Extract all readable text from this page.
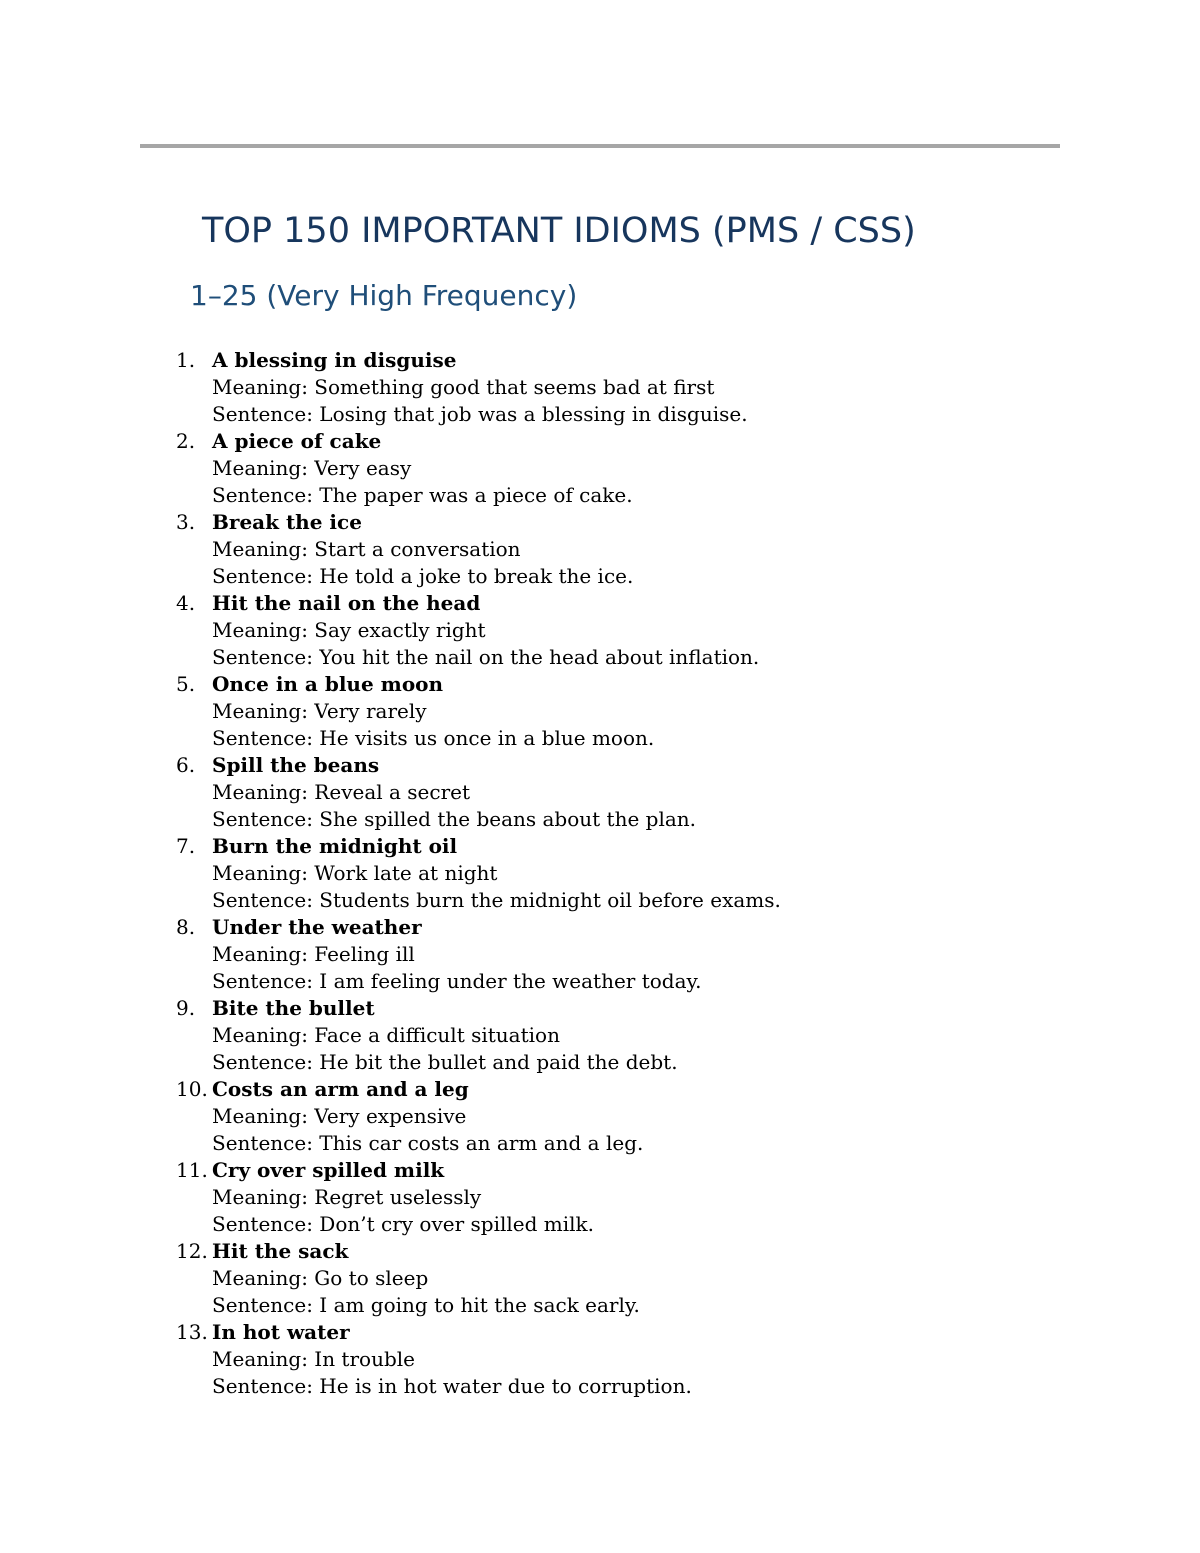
TOP 150 IMPORTANT IDIOMS (PMS / CSS)
1–25 (Very High Frequency)
1. A blessing in disguise
Meaning: Something good that seems bad at first
Sentence: Losing that job was a blessing in disguise.
2. A piece of cake
Meaning: Very easy
Sentence: The paper was a piece of cake.
3. Break the ice
Meaning: Start a conversation
Sentence: He told a joke to break the ice.
4. Hit the nail on the head
Meaning: Say exactly right
Sentence: You hit the nail on the head about inflation.
5. Once in a blue moon
Meaning: Very rarely
Sentence: He visits us once in a blue moon.
6. Spill the beans
Meaning: Reveal a secret
Sentence: She spilled the beans about the plan.
7. Burn the midnight oil
Meaning: Work late at night
Sentence: Students burn the midnight oil before exams.
8. Under the weather
Meaning: Feeling ill
Sentence: I am feeling under the weather today.
9. Bite the bullet
Meaning: Face a difficult situation
Sentence: He bit the bullet and paid the debt.
10. Costs an arm and a leg
Meaning: Very expensive
Sentence: This car costs an arm and a leg.
11. Cry over spilled milk
Meaning: Regret uselessly
Sentence: Don’t cry over spilled milk.
12. Hit the sack
Meaning: Go to sleep
Sentence: I am going to hit the sack early.
13. In hot water
Meaning: In trouble
Sentence: He is in hot water due to corruption.
